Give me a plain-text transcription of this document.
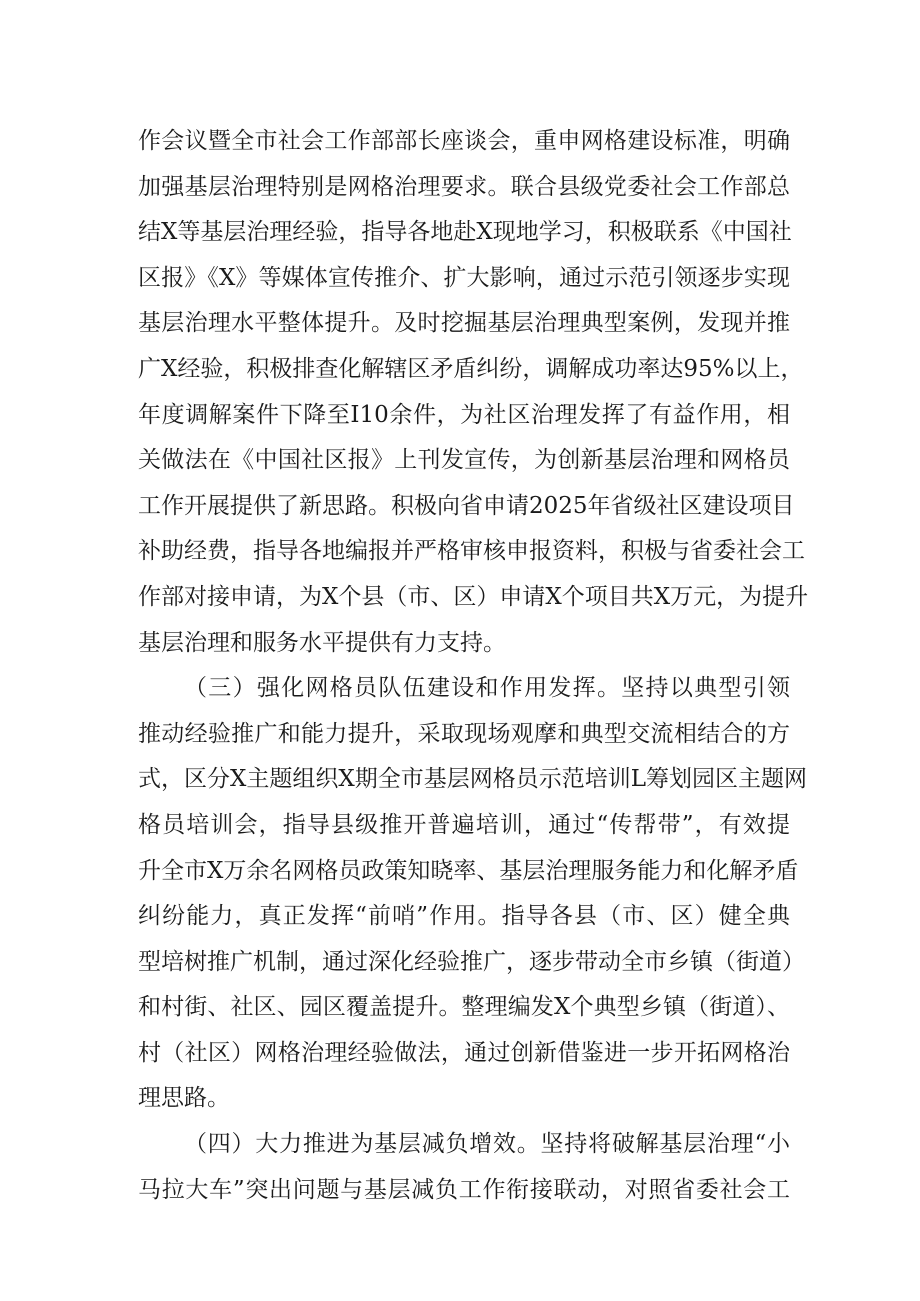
作会议暨全市社会工作部部长座谈会，重申网格建设标准，明确
加强基层治理特别是网格治理要求。联合县级党委社会工作部总
结X等基层治理经验，指导各地赴X现地学习，积极联系《中国社
区报》《X》等媒体宣传推介、扩大影响，通过示范引领逐步实现
基层治理水平整体提升。及时挖掘基层治理典型案例，发现并推
广X经验，积极排查化解辖区矛盾纠纷，调解成功率达95%以上，
年度调解案件下降至I10余件，为社区治理发挥了有益作用，相
关做法在《中国社区报》上刊发宣传，为创新基层治理和网格员
工作开展提供了新思路。积极向省申请2025年省级社区建设项目
补助经费，指导各地编报并严格审核申报资料，积极与省委社会工
作部对接申请，为X个县（市、区）申请X个项目共X万元，为提升
基层治理和服务水平提供有力支持。
（三）强化网格员队伍建设和作用发挥。坚持以典型引领
推动经验推广和能力提升，采取现场观摩和典型交流相结合的方
式，区分X主题组织X期全市基层网格员示范培训L筹划园区主题网
格员培训会，指导县级推开普遍培训，通过“传帮带”，有效提
升全市X万余名网格员政策知晓率、基层治理服务能力和化解矛盾
纠纷能力，真正发挥“前哨”作用。指导各县（市、区）健全典
型培树推广机制，通过深化经验推广，逐步带动全市乡镇（街道）
和村街、社区、园区覆盖提升。整理编发X个典型乡镇（街道）、
村（社区）网格治理经验做法，通过创新借鉴进一步开拓网格治
理思路。
（四）大力推进为基层减负增效。坚持将破解基层治理“小
马拉大车”突出问题与基层减负工作衔接联动，对照省委社会工
